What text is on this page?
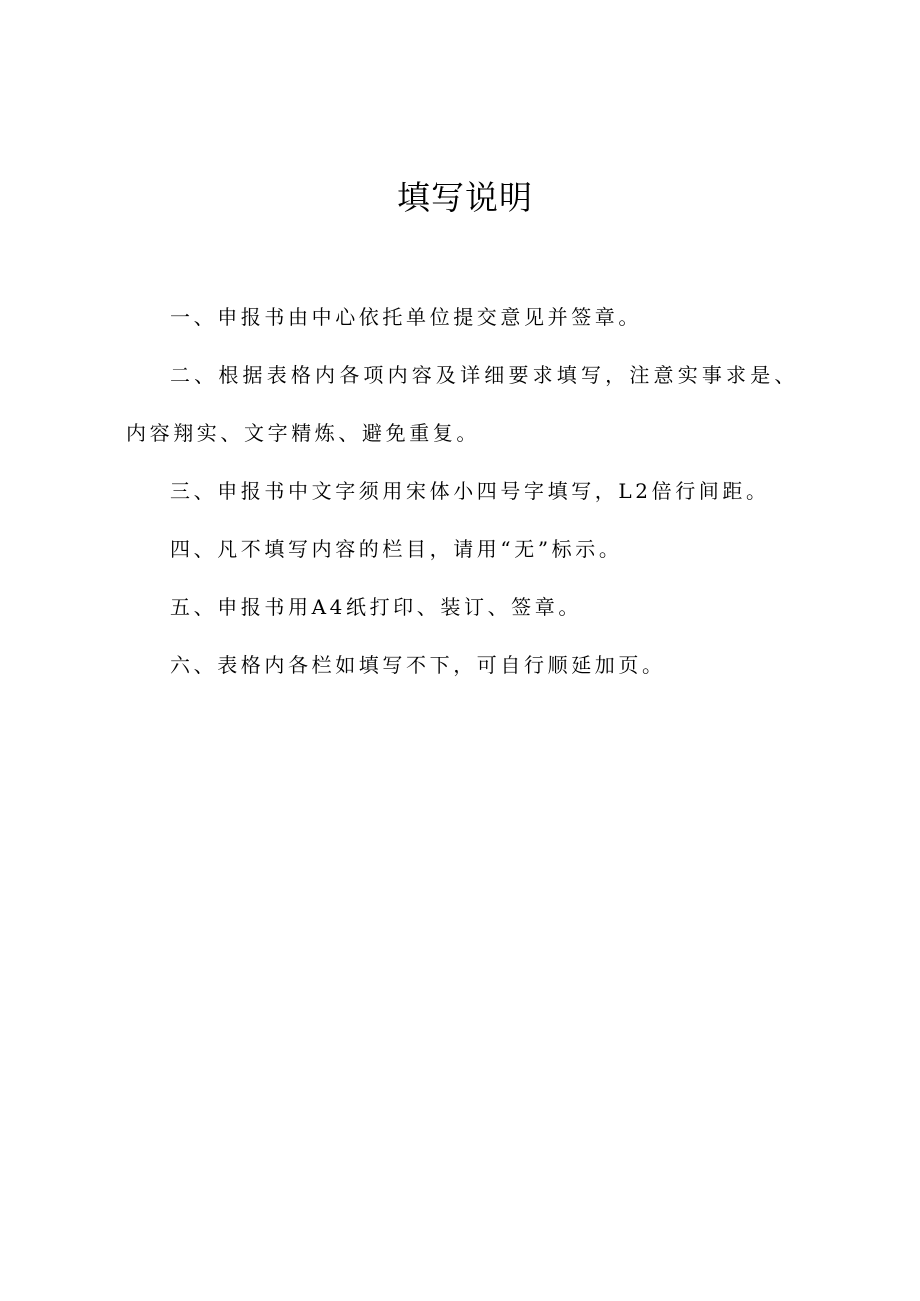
填写说明

一、申报书由中心依托单位提交意见并签章。

二、根据表格内各项内容及详细要求填写，注意实事求是、内容翔实、文字精炼、避免重复。

三、申报书中文字须用宋体小四号字填写，L2倍行间距。

四、凡不填写内容的栏目，请用“无”标示。

五、申报书用A4纸打印、装订、签章。

六、表格内各栏如填写不下，可自行顺延加页。
